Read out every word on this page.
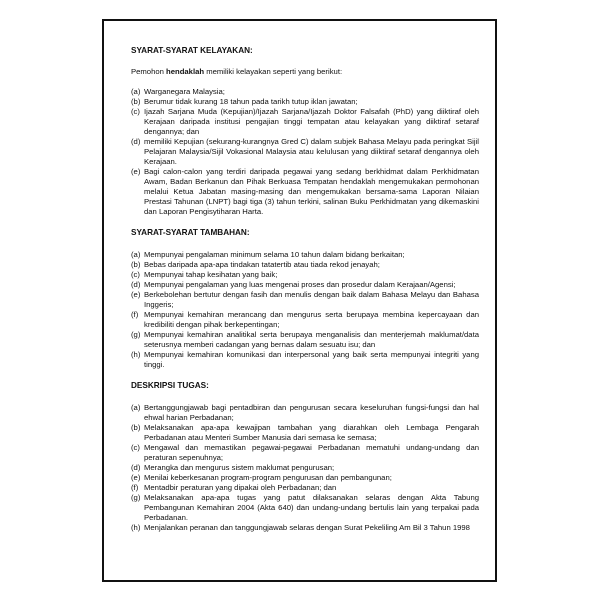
SYARAT-SYARAT KELAYAKAN:

Pemohon hendaklah memiliki kelayakan seperti yang berikut:

(a) Warganegara Malaysia;
(b) Berumur tidak kurang 18 tahun pada tarikh tutup iklan jawatan;
(c) Ijazah Sarjana Muda (Kepujian)/Ijazah Sarjana/Ijazah Doktor Falsafah (PhD) yang diiktiraf oleh Kerajaan daripada institusi pengajian tinggi tempatan atau kelayakan yang diiktiraf setaraf dengannya; dan
(d) memiliki Kepujian (sekurang-kurangnya Gred C) dalam subjek Bahasa Melayu pada peringkat Sijil Pelajaran Malaysia/Sijil Vokasional Malaysia atau kelulusan yang diiktiraf setaraf dengannya oleh Kerajaan.
(e) Bagi calon-calon yang terdiri daripada pegawai yang sedang berkhidmat dalam Perkhidmatan Awam, Badan Berkanun dan Pihak Berkuasa Tempatan hendaklah mengemukakan permohonan melalui Ketua Jabatan masing-masing dan mengemukakan bersama-sama Laporan Nilaian Prestasi Tahunan (LNPT) bagi tiga (3) tahun terkini, salinan Buku Perkhidmatan yang dikemaskini dan Laporan Pengisytiharan Harta.
SYARAT-SYARAT TAMBAHAN:
(a) Mempunyai pengalaman minimum selama 10 tahun dalam bidang berkaitan;
(b) Bebas daripada apa-apa tindakan tatatertib atau tiada rekod jenayah;
(c) Mempunyai tahap kesihatan yang baik;
(d) Mempunyai pengalaman yang luas mengenai proses dan prosedur dalam Kerajaan/Agensi;
(e) Berkebolehan bertutur dengan fasih dan menulis dengan baik dalam Bahasa Melayu dan Bahasa Inggeris;
(f) Mempunyai kemahiran merancang dan mengurus serta berupaya membina kepercayaan dan kredibiliti dengan pihak berkepentingan;
(g) Mempunyai kemahiran analitikal serta berupaya menganalisis dan menterjemah maklumat/data seterusnya memberi cadangan yang bernas dalam sesuatu isu; dan
(h) Mempunyai kemahiran komunikasi dan interpersonal yang baik serta mempunyai integriti yang tinggi.
DESKRIPSI TUGAS:
(a) Bertanggungjawab bagi pentadbiran dan pengurusan secara keseluruhan fungsi-fungsi dan hal ehwal harian Perbadanan;
(b) Melaksanakan apa-apa kewajipan tambahan yang diarahkan oleh Lembaga Pengarah Perbadanan atau Menteri Sumber Manusia dari semasa ke semasa;
(c) Mengawal dan memastikan pegawai-pegawai Perbadanan mematuhi undang-undang dan peraturan sepenuhnya;
(d) Merangka dan mengurus sistem maklumat pengurusan;
(e) Menilai keberkesanan program-program pengurusan dan pembangunan;
(f) Mentadbir peraturan yang dipakai oleh Perbadanan; dan
(g) Melaksanakan apa-apa tugas yang patut dilaksanakan selaras dengan Akta Tabung Pembangunan Kemahiran 2004 (Akta 640) dan undang-undang bertulis lain yang terpakai pada Perbadanan.
(h) Menjalankan peranan dan tanggungjawab selaras dengan Surat Pekeliling Am Bil 3 Tahun 1998
